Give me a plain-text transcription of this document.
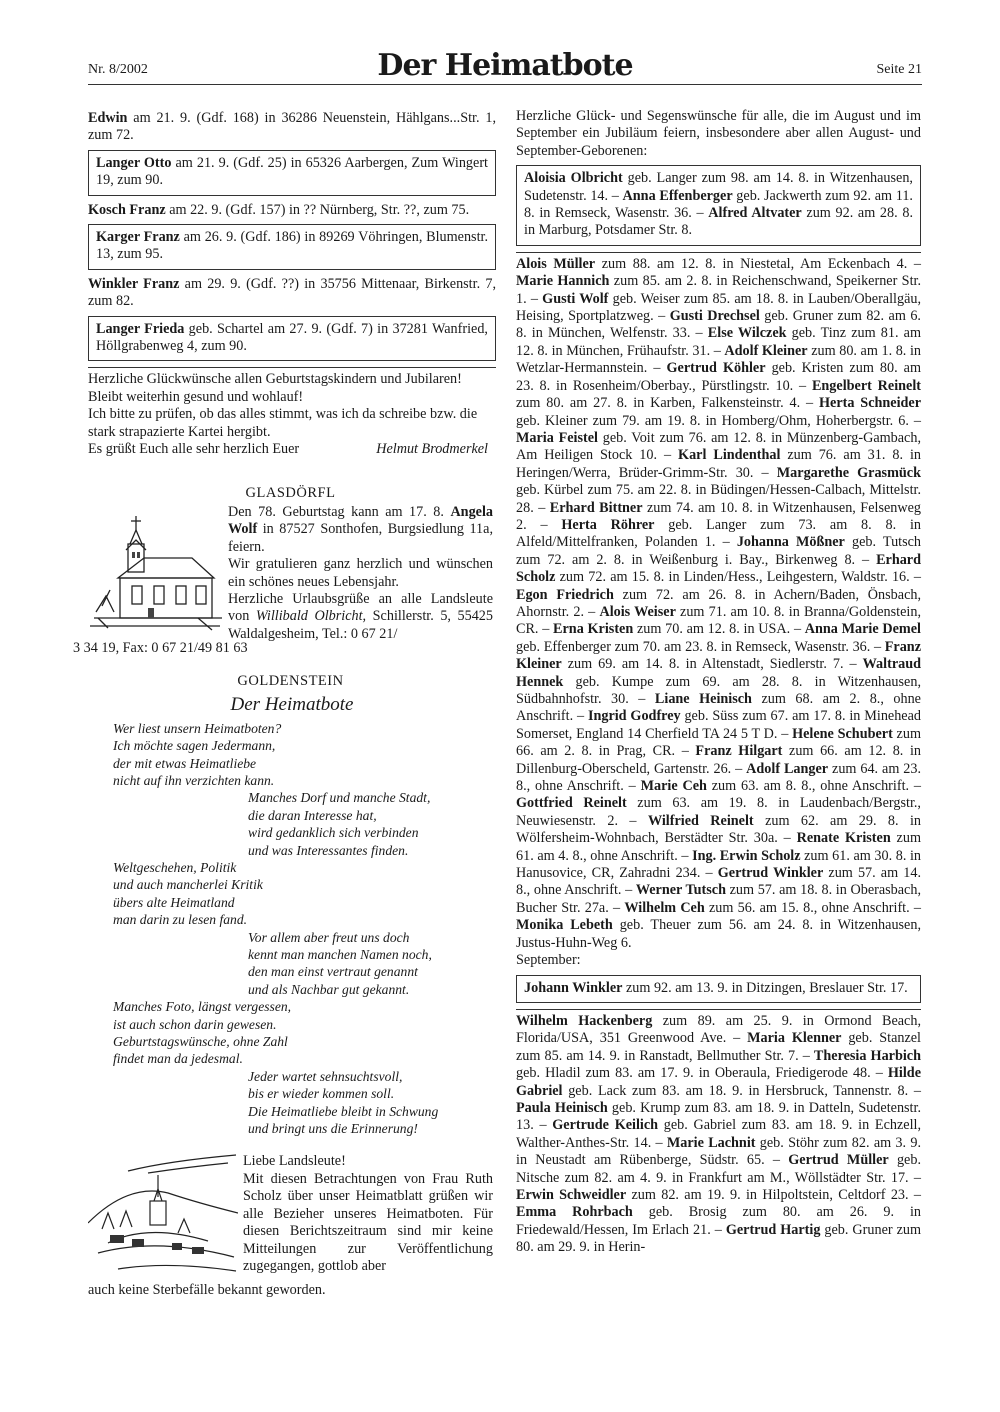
Nr. 8/2002	Der Heimatbote	Seite 21

Edwin am 21. 9. (Gdf. 168) in 36286 Neuenstein, Hählgans...Str. 1, zum 72.

Langer Otto am 21. 9. (Gdf. 25) in 65326 Aarbergen, Zum Wingert 19, zum 90.

Kosch Franz am 22. 9. (Gdf. 157) in ?? Nürnberg, Str. ??, zum 75.

Karger Franz am 26. 9. (Gdf. 186) in 89269 Vöhringen, Blumenstr. 13, zum 95.

Winkler Franz am 29. 9. (Gdf. ??) in 35756 Mittenaar, Birkenstr. 7, zum 82.

Langer Frieda geb. Schartel am 27. 9. (Gdf. 7) in 37281 Wanfried, Höllgrabenweg 4, zum 90.

Herzliche Glückwünsche allen Geburtstagskindern und Jubilaren! Bleibt weiterhin gesund und wohlauf!

Ich bitte zu prüfen, ob das alles stimmt, was ich da schreibe bzw. die stark strapazierte Kartei hergibt.

Es grüßt Euch alle sehr herzlich Euer	Helmut Brodmerkel

GLASDÖRFL

Den 78. Geburtstag kann am 17. 8. Angela Wolf in 87527 Sonthofen, Burgsiedlung 11a, feiern.

Wir gratulieren ganz herzlich und wünschen ein schönes neues Lebensjahr.

Herzliche Urlaubsgrüße an alle Landsleute von Willibald Olbricht, Schillerstr. 5, 55425 Waldalgesheim, Tel.: 0 67 21/

3 34 19, Fax: 0 67 21/49 81 63
GOLDENSTEIN
Der Heimatbote
Wer liest unsern Heimatboten?
Ich möchte sagen Jedermann,
der mit etwas Heimatliebe
nicht auf ihn verzichten kann.
Manches Dorf und manche Stadt,
die daran Interesse hat,
wird gedanklich sich verbinden
und was Interessantes finden.
Weltgeschehen, Politik
und auch mancherlei Kritik
übers alte Heimatland
man darin zu lesen fand.
Vor allem aber freut uns doch
kennt man manchen Namen noch,
den man einst vertraut genannt
und als Nachbar gut gekannt.
Manches Foto, längst vergessen,
ist auch schon darin gewesen.
Geburtstagswünsche, ohne Zahl
findet man da jedesmal.
Jeder wartet sehnsuchtsvoll,
bis er wieder kommen soll.
Die Heimatliebe bleibt in Schwung
und bringt uns die Erinnerung!

Liebe Landsleute!

Mit diesen Betrachtungen von Frau Ruth Scholz über unser Heimatblatt grüßen wir alle Bezieher unseres Heimatboten. Für diesen Berichtszeitraum sind mir keine Mitteilungen zur Veröffentlichung zugegangen, gottlob aber

auch keine Sterbefälle bekannt geworden.

Herzliche Glück- und Segenswünsche für alle, die im August und im September ein Jubiläum feiern, insbesondere aber allen August- und September-Geborenen:

Aloisia Olbricht geb. Langer zum 98. am 14. 8. in Witzenhausen, Sudetenstr. 14. – Anna Effenberger geb. Jackwerth zum 92. am 11. 8. in Remseck, Wasenstr. 36. – Alfred Altvater zum 92. am 28. 8. in Marburg, Potsdamer Str. 8.

Alois Müller zum 88. am 12. 8. in Niestetal, Am Eckenbach 4. – Marie Hannich zum 85. am 2. 8. in Reichenschwand, Speikerner Str. 1. – Gusti Wolf geb. Weiser zum 85. am 18. 8. in Lauben/Oberallgäu, Heising, Sportplatzweg. – Gusti Drechsel geb. Gruner zum 82. am 6. 8. in München, Welfenstr. 33. – Else Wilczek geb. Tinz zum 81. am 12. 8. in München, Frühaufstr. 31. – Adolf Kleiner zum 80. am 1. 8. in Wetzlar-Hermannstein. – Gertrud Köhler geb. Kristen zum 80. am 23. 8. in Rosenheim/Oberbay., Pürstlingstr. 10. – Engelbert Reinelt zum 80. am 27. 8. in Karben, Falkensteinstr. 4. – Herta Schneider geb. Kleiner zum 79. am 19. 8. in Homberg/Ohm, Hoherbergstr. 6. – Maria Feistel geb. Voit zum 76. am 12. 8. in Münzenberg-Gambach, Am Heiligen Stock 10. – Karl Lindenthal zum 76. am 31. 8. in Heringen/Werra, Brüder-Grimm-Str. 30. – Margarethe Grasmück geb. Kürbel zum 75. am 22. 8. in Büdingen/Hessen-Calbach, Mittelstr. 28. – Erhard Bittner zum 74. am 10. 8. in Witzenhausen, Felsenweg 2. – Herta Röhrer geb. Langer zum 73. am 8. 8. in Alfeld/Mittelfranken, Polanden 1. – Johanna Mößner geb. Tutsch zum 72. am 2. 8. in Weißenburg i. Bay., Birkenweg 8. – Erhard Scholz zum 72. am 15. 8. in Linden/Hess., Leihgestern, Waldstr. 16. – Egon Friedrich zum 72. am 26. 8. in Achern/Baden, Önsbach, Ahornstr. 2. – Alois Weiser zum 71. am 10. 8. in Branna/Goldenstein, CR. – Erna Kristen zum 70. am 12. 8. in USA. – Anna Marie Demel geb. Effenberger zum 70. am 23. 8. in Remseck, Wasenstr. 36. – Franz Kleiner zum 69. am 14. 8. in Altenstadt, Siedlerstr. 7. – Waltraud Hennek geb. Kumpe zum 69. am 28. 8. in Witzenhausen, Südbahnhofstr. 30. – Liane Heinisch zum 68. am 2. 8., ohne Anschrift. – Ingrid Godfrey geb. Süss zum 67. am 17. 8. in Minehead Somerset, England 14 Cherfield TA 24 5 T D. – Helene Schubert zum 66. am 2. 8. in Prag, CR. – Franz Hilgart zum 66. am 12. 8. in Dillenburg-Oberscheld, Gartenstr. 26. – Adolf Langer zum 64. am 23. 8., ohne Anschrift. – Marie Ceh zum 63. am 8. 8., ohne Anschrift. – Gottfried Reinelt zum 63. am 19. 8. in Laudenbach/Bergstr., Neuwiesenstr. 2. – Wilfried Reinelt zum 62. am 29. 8. in Wölfersheim-Wohnbach, Berstädter Str. 30a. – Renate Kristen zum 61. am 4. 8., ohne Anschrift. – Ing. Erwin Scholz zum 61. am 30. 8. in Hanusovice, CR, Zahradni 234. – Gertrud Winkler zum 57. am 14. 8., ohne Anschrift. – Werner Tutsch zum 57. am 18. 8. in Oberasbach, Bucher Str. 27a. – Wilhelm Ceh zum 56. am 15. 8., ohne Anschrift. – Monika Lebeth geb. Theuer zum 56. am 24. 8. in Witzenhausen, Justus-Huhn-Weg 6.

September:

Johann Winkler zum 92. am 13. 9. in Ditzingen, Breslauer Str. 17.

Wilhelm Hackenberg zum 89. am 25. 9. in Ormond Beach, Florida/USA, 351 Greenwood Ave. – Maria Klenner geb. Stanzel zum 85. am 14. 9. in Ranstadt, Bellmuther Str. 7. – Theresia Harbich geb. Hladil zum 83. am 17. 9. in Oberaula, Friedigerode 48. – Hilde Gabriel geb. Lack zum 83. am 18. 9. in Hersbruck, Tannenstr. 8. – Paula Heinisch geb. Krump zum 83. am 18. 9. in Datteln, Sudetenstr. 13. – Gertrude Keilich geb. Gabriel zum 83. am 18. 9. in Echzell, Walther-Anthes-Str. 14. – Marie Lachnit geb. Stöhr zum 82. am 3. 9. in Neustadt am Rübenberge, Südstr. 65. – Gertrud Müller geb. Nitsche zum 82. am 4. 9. in Frankfurt am M., Wöllstädter Str. 17. – Erwin Schweidler zum 82. am 19. 9. in Hilpoltstein, Celtdorf 23. – Emma Rohrbach geb. Brosig zum 80. am 26. 9. in Friedewald/Hessen, Im Erlach 21. – Gertrud Hartig geb. Gruner zum 80. am 29. 9. in Herin-
